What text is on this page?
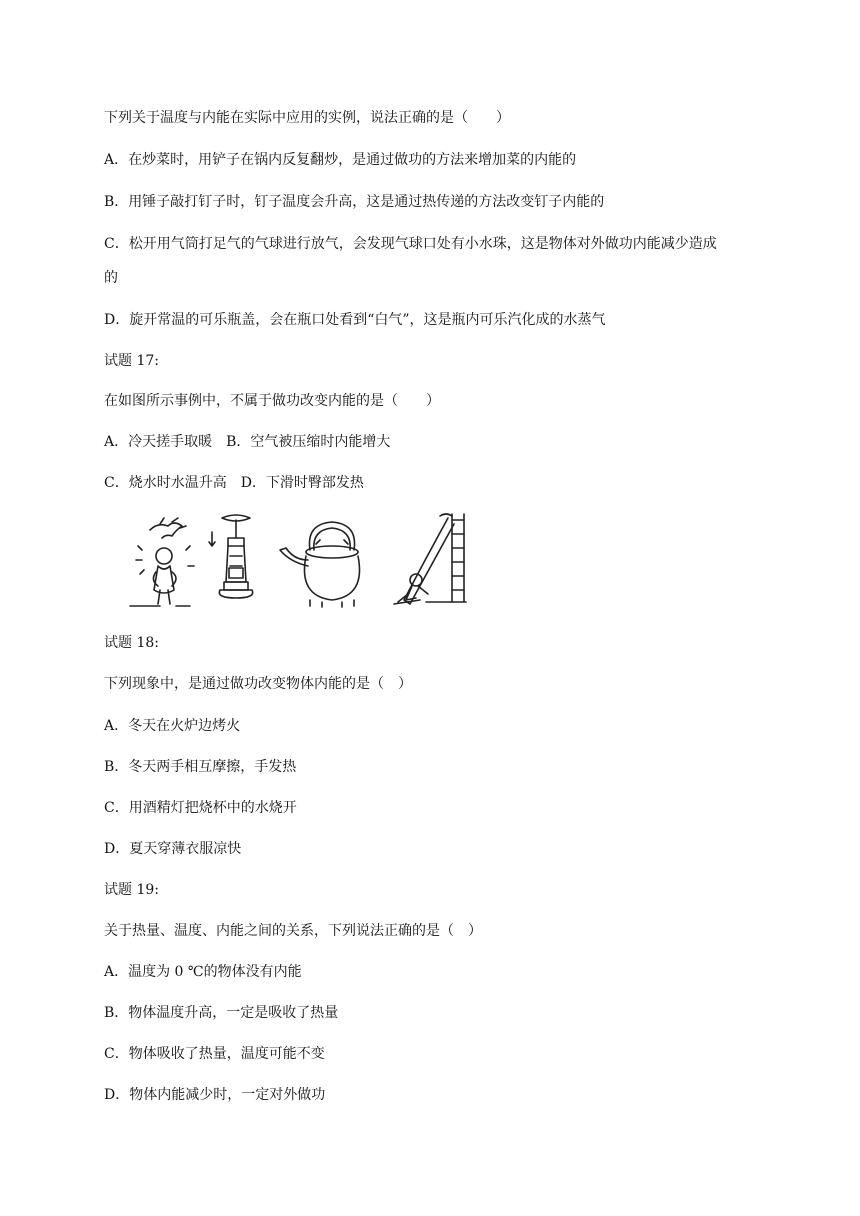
下列关于温度与内能在实际中应用的实例，说法正确的是（　　）
A．在炒菜时，用铲子在锅内反复翻炒，是通过做功的方法来增加菜的内能的
B．用锤子敲打钉子时，钉子温度会升高，这是通过热传递的方法改变钉子内能的
C．松开用气筒打足气的气球进行放气，会发现气球口处有小水珠，这是物体对外做功内能减少造成
的
D．旋开常温的可乐瓶盖，会在瓶口处看到“白气”，这是瓶内可乐汽化成的水蒸气
试题 17:
在如图所示事例中，不属于做功改变内能的是（　　）
A．冷天搓手取暖　B．空气被压缩时内能增大
C．烧水时水温升高　D．下滑时臀部发热
试题 18:
下列现象中，是通过做功改变物体内能的是（　）
A．冬天在火炉边烤火
B．冬天两手相互摩擦，手发热
C．用酒精灯把烧杯中的水烧开
D．夏天穿薄衣服凉快
试题 19:
关于热量、温度、内能之间的关系，下列说法正确的是（　）
A．温度为 0 ℃的物体没有内能
B．物体温度升高，一定是吸收了热量
C．物体吸收了热量，温度可能不变
D．物体内能减少时，一定对外做功
